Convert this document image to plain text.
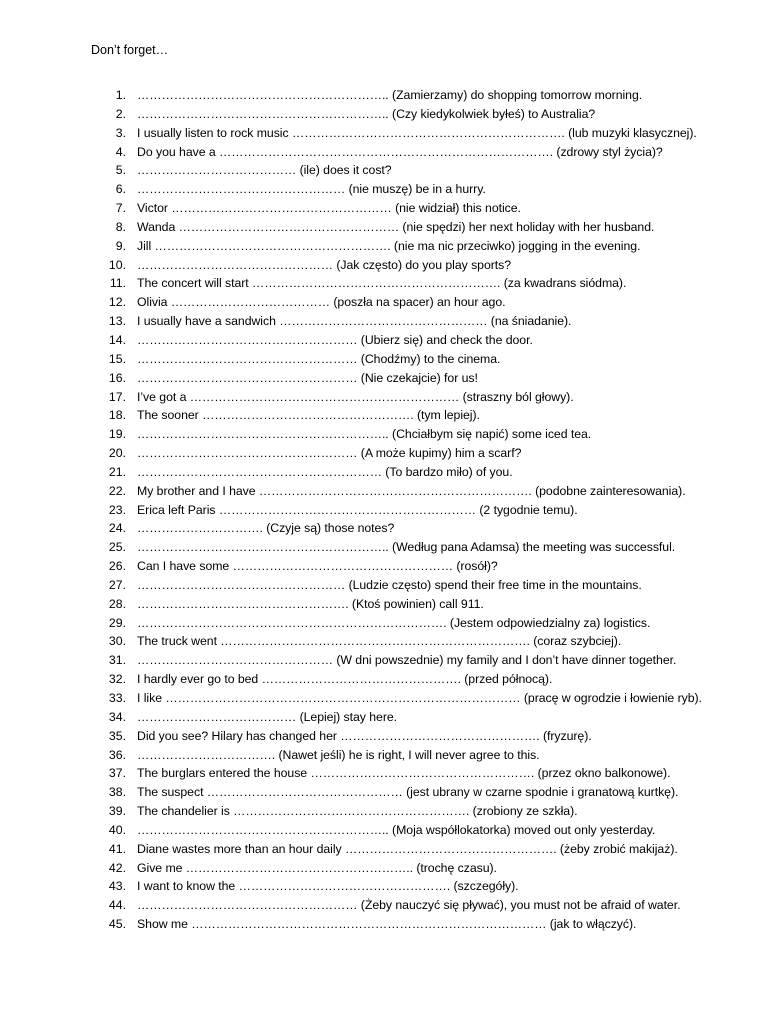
Don’t forget…
1. …………………………………………………….. (Zamierzamy) do shopping tomorrow morning.
2. …………………………………………………….. (Czy kiedykolwiek byłeś) to Australia?
3. I usually listen to rock music …………………………………………………………. (lub muzyki klasycznej).
4. Do you have a ………………………………………………………………………. (zdrowy styl życia)?
5. ………………………………… (ile) does it cost?
6. …………………………………………… (nie muszę) be in a hurry.
7. Victor ……………………………………………… (nie widział) this notice.
8. Wanda ……………………………………………… (nie spędzi) her next holiday with her husband.
9. Jill …………………………………………………. (nie ma nic przeciwko) jogging in the evening.
10. ………………………………………… (Jak często) do you play sports?
11. The concert will start ……………………………………………………. (za kwadrans siódma).
12. Olivia ………………………………… (poszła na spacer) an hour ago.
13. I usually have a sandwich …………………………………………… (na śniadanie).
14. ……………………………………………… (Ubierz się) and check the door.
15. ……………………………………………… (Chodźmy) to the cinema.
16. ……………………………………………… (Nie czekajcie) for us!
17. I’ve got a ………………………………………………………… (straszny ból głowy).
18. The sooner ……………………………………………. (tym lepiej).
19. …………………………………………………….. (Chciałbym się napić) some iced tea.
20. ……………………………………………… (A może kupimy) him a scarf?
21. …………………………………………………… (To bardzo miło) of you.
22. My brother and I have …………………………………………………………. (podobne zainteresowania).
23. Erica left Paris ……………………………………………………… (2 tygodnie temu).
24. …………………………. (Czyje są) those notes?
25. …………………………………………………….. (Według pana Adamsa) the meeting was successful.
26. Can I have some ……………………………………………… (rosół)?
27. …………………………………………… (Ludzie często) spend their free time in the mountains.
28. ……………………………………………. (Ktoś powinien) call 911.
29. …………………………………………………………………. (Jestem odpowiedzialny za) logistics.
30. The truck went …………………………………………………………………. (coraz szybciej).
31. ………………………………………… (W dni powszednie) my family and I don’t have dinner together.
32. I hardly ever go to bed …………………………………………. (przed północą).
33. I like …………………………………………………………………………… (pracę w ogrodzie i łowienie ryb).
34. ………………………………… (Lepiej) stay here.
35. Did you see? Hilary has changed her …………………………………………. (fryzurę).
36. ……………………………. (Nawet jeśli) he is right, I will never agree to this.
37. The burglars entered the house ………………………………………………. (przez okno balkonowe).
38. The suspect ………………………………………… (jest ubrany w czarne spodnie i granatową kurtkę).
39. The chandelier is …………………………………………………. (zrobiony ze szkła).
40. …………………………………………………….. (Moja współlokatorka) moved out only yesterday.
41. Diane wastes more than an hour daily ……………………………………………. (żeby zrobić makijaż).
42. Give me ……………………………………………….. (trochę czasu).
43. I want to know the ……………………………………………. (szczegóły).
44. ……………………………………………… (Żeby nauczyć się pływać), you must not be afraid of water.
45. Show me …………………………………………………………………………… (jak to włączyć).
